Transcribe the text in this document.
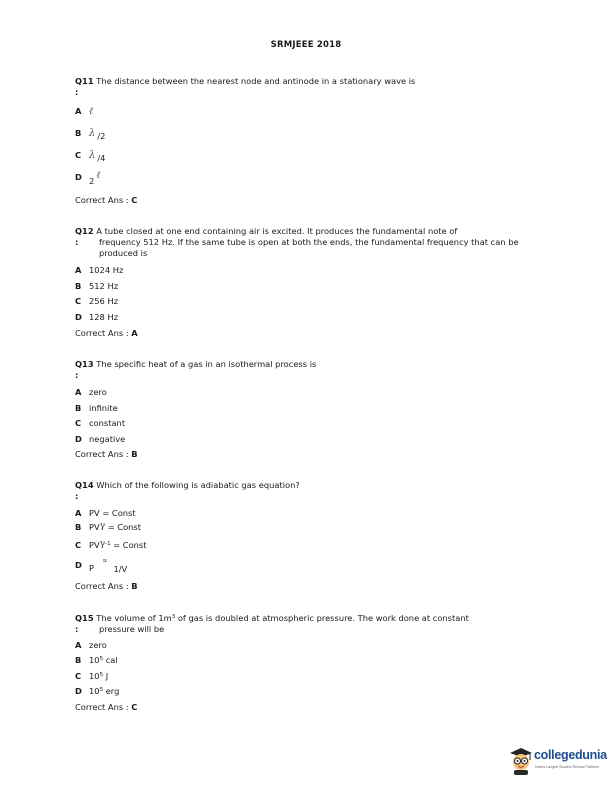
SRMJEEE 2018
Q11 The distance between the nearest node and antinode in a stationary wave is
:
A ℓ
B λ /2
C λ /4
D 2 ℓ
Correct Ans : C
Q12 A tube closed at one end containing air is excited. It produces the fundamental note of
:	frequency 512 Hz. If the same tube is open at both the ends, the fundamental frequency that can be produced is
A 1024 Hz
B 512 Hz
C 256 Hz
D 128 Hz
Correct Ans : A
Q13 The specific heat of a gas in an isothermal process is
:
A zero
B infinite
C constant
D negative
Correct Ans : B
Q14 Which of the following is adiabatic gas equation?
:
A PV = Const
B PVγ = Const
C PVγ$^{-1}$ = Const
D P∝1/V
Correct Ans : B
Q15 The volume of $1m^3$ of gas is doubled at atmospheric pressure. The work done at constant
:	pressure will be
A zero
B $10^5$ cal
C $10^5$ J
D $10^5$ erg
Correct Ans : C
collegedunia
India's Largest Student Review Platform
